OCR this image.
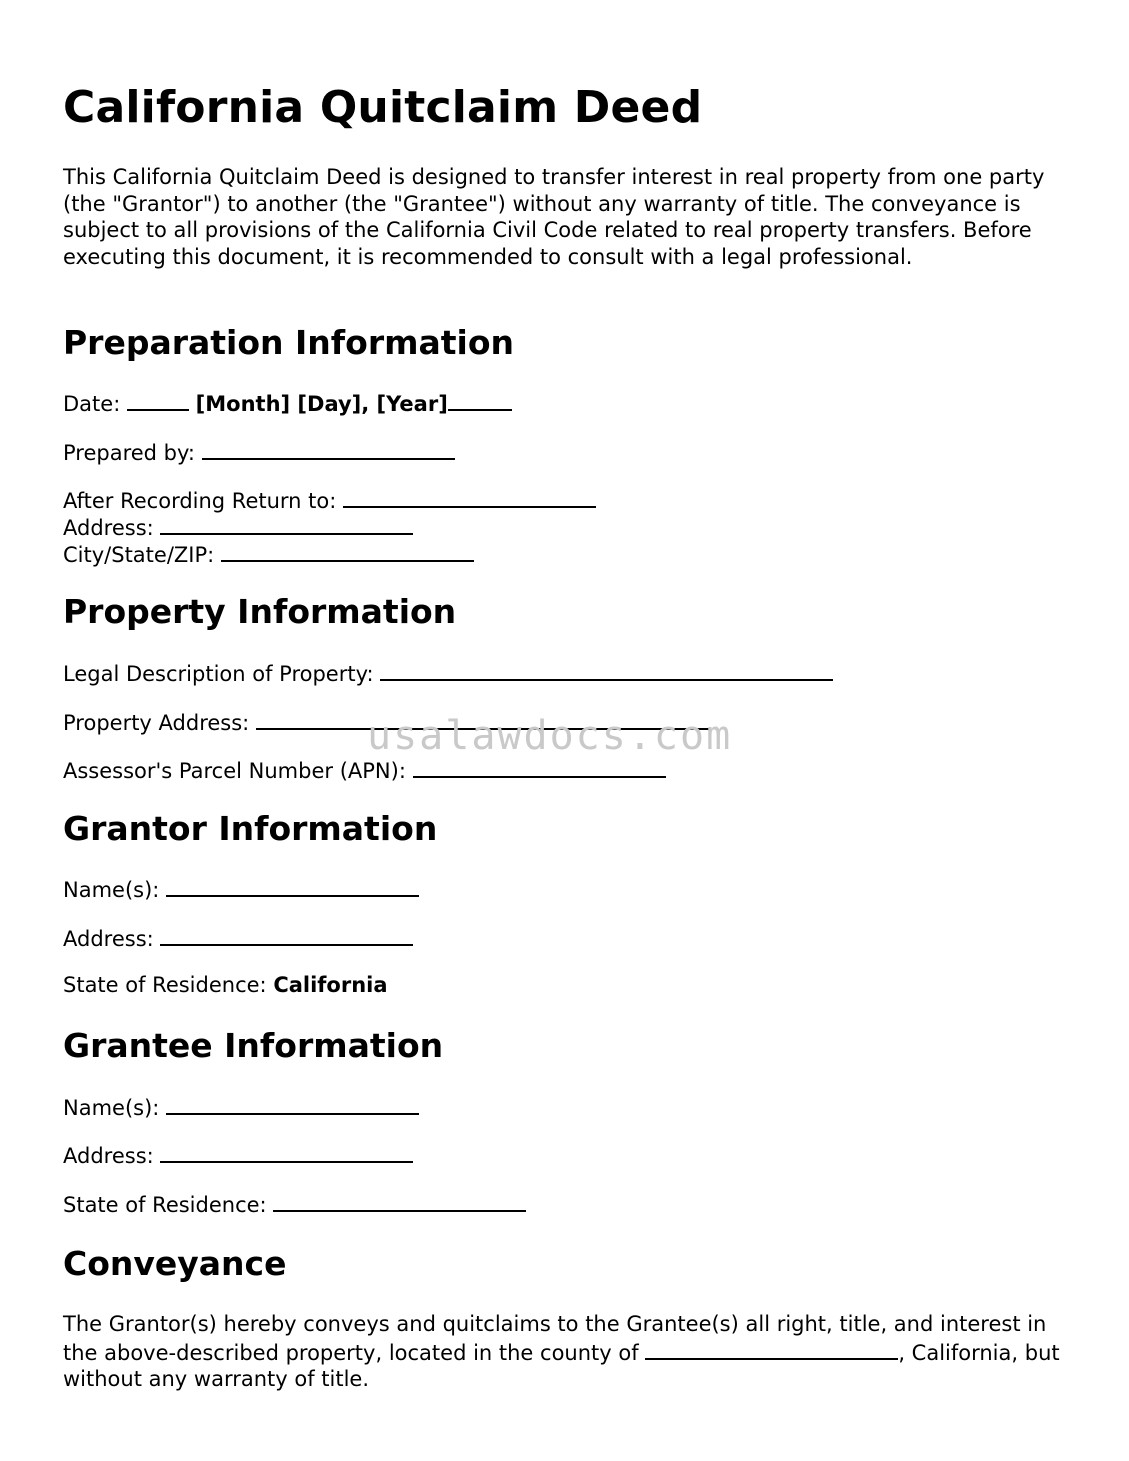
California Quitclaim Deed

This California Quitclaim Deed is designed to transfer interest in real property from one party (the "Grantor") to another (the "Grantee") without any warranty of title. The conveyance is subject to all provisions of the California Civil Code related to real property transfers. Before executing this document, it is recommended to consult with a legal professional.

Preparation Information
Date:	[Month] [Day], [Year]
Prepared by:
After Recording Return to:
Address:
City/State/ZIP:
Property Information
Legal Description of Property:
Property Address:
Assessor's Parcel Number (APN):
Grantor Information
Name(s):
Address:
State of Residence: California
Grantee Information
Name(s):
Address:
State of Residence:
Conveyance

The Grantor(s) hereby conveys and quitclaims to the Grantee(s) all right, title, and interest in the above-described property, located in the county of	, California, but without any warranty of title.

usalawdocs.com
